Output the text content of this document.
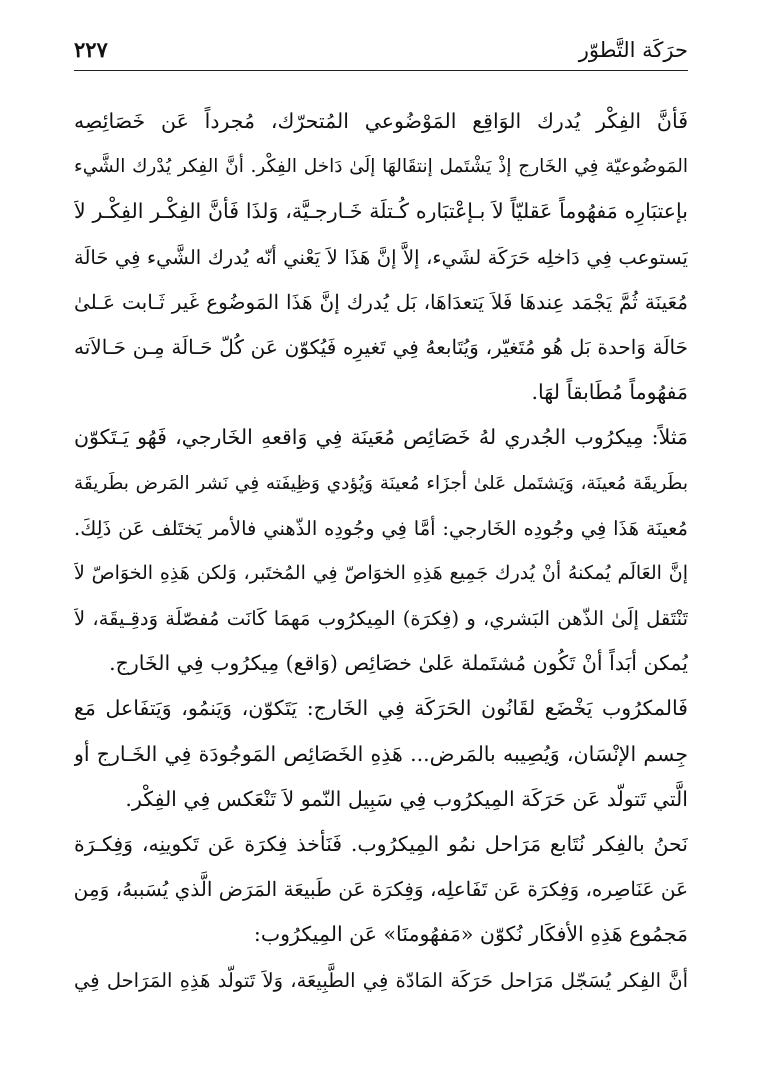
حرَكَة التَّطوّر
٢٢٧
فَأنَّ الفِكْر يُدرك الوَاقِع المَوْضُوعي المُتحرّك، مُجرداً عَن خَصَائِصِه
المَوضُوعيّة فِي الخَارج إذْ يَشْتَمل إنتقَالهَا إلَىٰ دَاخل الفِكْر. أنَّ الفِكر يُدْرك الشَّيء
بإعتبَارِه مَفهُوماً عَقليّاً لاَ بـإعْتبَاره كُـتلَة خَـارجـيَّة، وَلذَا فَأنَّ الفِكْـر الفِكْـر لاَ
يَستوعب فِي دَاخلِه حَرَكَة لشَيء، إلاَّ إنَّ هَذَا لاَ يَعْني أنّه يُدرك الشَّيء فِي حَالَة
مُعَينَة ثُمَّ يَجْمَد عِندهَا فَلاَ يَتعدَاهَا، بَل يُدرك إنَّ هَذَا المَوضُوع غَير ثَـابت عَـلىٰ
حَالَة وَاحدة بَل هُو مُتَغيّر، وَيُتَابعهُ فِي تَغيرِه فَيُكوّن عَن كُلّ حَـالَة مِـن حَـالاَته
مَفهُوماً مُطَابقاً لهَا.
مَثلاً: مِيكرُوب الجُدري لهُ خَصَائِص مُعَينَة فِي وَاقعهِ الخَارجي، فَهُو يَـتَكوّن
بطَريقَة مُعينَة، وَيَشتَمل عَلىٰ أجزَاء مُعينَة وَيُؤدي وَظِيفَته فِي نَشر المَرض بطَريقَة
مُعينَة هَذَا فِي وجُودِه الخَارجي: أمَّا فِي وجُودِه الذّهني فالأمر يَختَلف عَن ذَلِكَ.
إنَّ العَالَم يُمكنهُ أنْ يُدرك جَمِيع هَذِهِ الخوَاصّ فِي المُختَبر، وَلكن هَذِهِ الخوَاصّ لاَ
تَنْتَقل إلَىٰ الذّهن البَشري، و (فِكرَة) المِيكرُوب مَهمَا كَانَت مُفصّلَة وَدقِـيقَة، لاَ
يُمكن أبَداً أنْ تَكُون مُشتَملة عَلىٰ خصَائِص (وَاقع) مِيكرُوب فِي الخَارج.
فَالمكرُوب يَخْضَع لقَانُون الحَرَكَة فِي الخَارج: يَتَكوّن، وَيَنمُو، وَيَتفَاعل مَع
جِسم الإنْسَان، وَيُصِيبه بالمَرض... هَذِهِ الخَصَائِص المَوجُودَة فِي الخَـارج أو
الَّتي تَتولّد عَن حَرَكَة المِيكرُوب فِي سَبِيل النّمو لاَ تَنْعَكس فِي الفِكْر.
نَحنُ بالفِكر نُتَابع مَرَاحل نمُو المِيكرُوب. فَنَأخذ فِكرَة عَن تَكوينِه، وَفِكـرَة
عَن عَنَاصِره، وَفِكرَة عَن تَفَاعلِه، وَفِكرَة عَن طَبيعَة المَرَض الَّذي يُسَببهُ، وَمِن
مَجمُوع هَذِهِ الأفكَار نُكوّن «مَفهُومنَا» عَن المِيكرُوب:
أنَّ الفِكر يُسَجّل مَرَاحل حَرَكَة المَادّة فِي الطَّبِيعَة، وَلاَ تَتولّد هَذِهِ المَرَاحل فِي
